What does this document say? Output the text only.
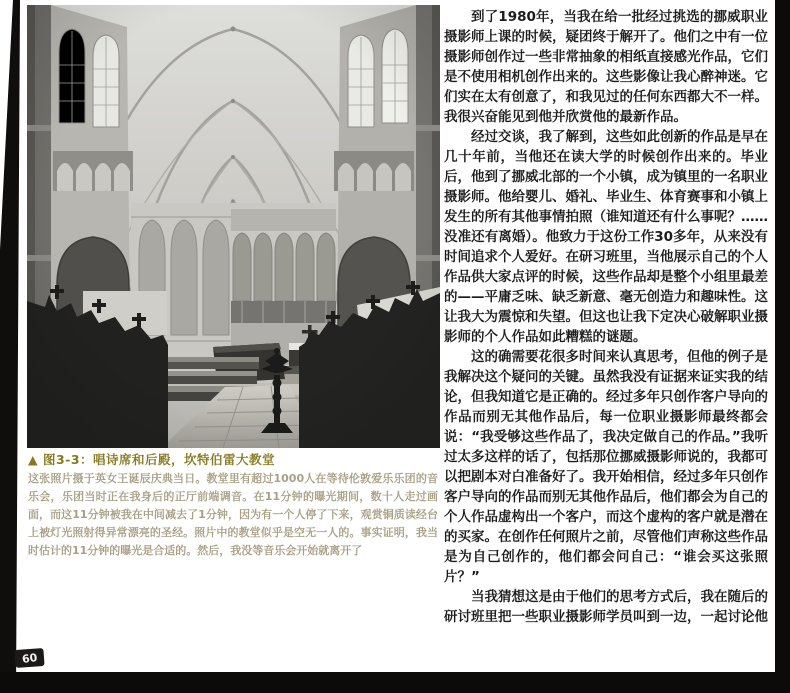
▲ 图3-3：唱诗席和后殿，坎特伯雷大教堂
这张照片摄于英女王诞辰庆典当日。教堂里有超过1000人在等待伦敦爱乐乐团的音乐会，乐团当时正在我身后的正厅前端调音。在11分钟的曝光期间，数十人走过画面，而这11分钟被我在中间减去了1分钟，因为有一个人停了下来，观赏铜质读经台上被灯光照射得异常漂亮的圣经。照片中的教堂似乎是空无一人的。事实证明，我当时估计的11分钟的曝光是合适的。然后，我没等音乐会开始就离开了

到了1980年，当我在给一批经过挑选的挪威职业摄影师上课的时候，疑团终于解开了。他们之中有一位摄影师创作过一些非常抽象的相纸直接感光作品，它们是不使用相机创作出来的。这些影像让我心醉神迷。它们实在太有创意了，和我见过的任何东西都大不一样。我很兴奋能见到他并欣赏他的最新作品。

经过交谈，我了解到，这些如此创新的作品是早在几十年前，当他还在读大学的时候创作出来的。毕业后，他到了挪威北部的一个小镇，成为镇里的一名职业摄影师。他给婴儿、婚礼、毕业生、体育赛事和小镇上发生的所有其他事情拍照（谁知道还有什么事呢？……没准还有离婚）。他致力于这份工作30多年，从来没有时间追求个人爱好。在研习班里，当他展示自己的个人作品供大家点评的时候，这些作品却是整个小组里最差的——平庸乏味、缺乏新意、毫无创造力和趣味性。这让我大为震惊和失望。但这也让我下定决心破解职业摄影师的个人作品如此糟糕的谜题。

这的确需要花很多时间来认真思考，但他的例子是我解决这个疑问的关键。虽然我没有证据来证实我的结论，但我知道它是正确的。经过多年只创作客户导向的作品而别无其他作品后，每一位职业摄影师最终都会说：“我受够这些作品了，我决定做自己的作品。”我听过太多这样的话了，包括那位挪威摄影师说的，我都可以把剧本对白准备好了。我开始相信，经过多年只创作客户导向的作品而别无其他作品后，他们都会为自己的个人作品虚构出一个客户，而这个虚构的客户就是潜在的买家。在创作任何照片之前，尽管他们声称这些作品是为自己创作的，他们都会问自己：“谁会买这张照片？”

当我猜想这是由于他们的思考方式后，我在随后的研讨班里把一些职业摄影师学员叫到一边，一起讨论他

60
